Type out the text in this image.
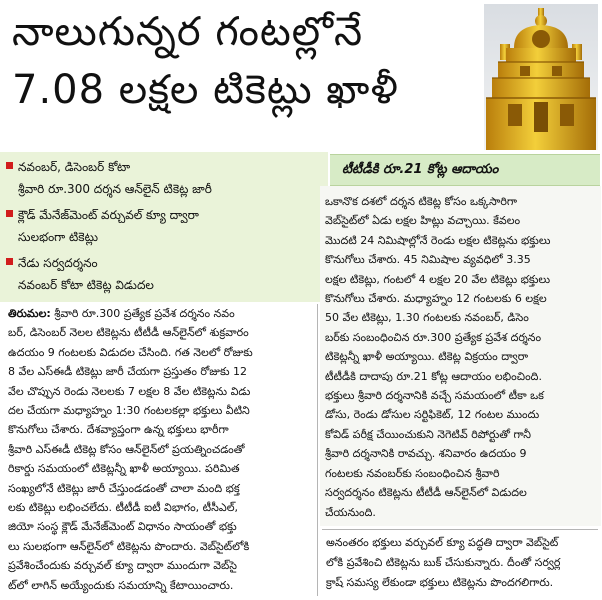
నాలుగున్నర గంటల్లోనే
7.08 లక్షల టికెట్లు ఖాళీ
నవంబర్, డిసెంబర్ కోటా
శ్రీవారి రూ.300 దర్శన ఆన్‌లైన్ టికెట్ల జారీ
క్లౌడ్ మేనేజ్‌మెంట్ వర్చువల్ క్యూ ద్వారా
సులభంగా టికెట్లు
నేడు సర్వదర్శనం
నవంబర్ కోటా టికెట్ల విడుదల
టీటీడీకి రూ.21 కోట్ల ఆదాయం
తిరుమల: శ్రీవారి రూ.300 ప్రత్యేక ప్రవేశ దర్శనం నవం
బర్, డిసెంబర్ నెలల టికెట్లను టీటీడీ ఆన్‌లైన్‌లో శుక్రవారం
ఉదయం 9 గంటలకు విడుదల చేసింది. గత నెలలో రోజుకు
8 వేల ఎస్ఈడీ టికెట్లు జారీ చేయగా ప్రస్తుతం రోజుకు 12
వేల చొప్పున రెండు నెలలకు 7 లక్షల 8 వేల టికెట్లను విడు
దల చేయగా మధ్యాహ్నం 1:30 గంటలకల్లా భక్తులు వీటిని
కొనుగోలు చేశారు. దేశవ్యాప్తంగా ఉన్న భక్తులు భారీగా
శ్రీవారి ఎస్ఈడీ టికెట్ల కోసం ఆన్‌లైన్‌లో ప్రయత్నించడంతో
రికార్డు సమయంలో టికెట్లన్నీ ఖాళీ అయ్యాయి. పరిమిత
సంఖ్యలోనే టికెట్లు జారీ చేస్తుండడంతో చాలా మంది భక్త
లకు టికెట్లు లభించలేదు. టీటీడీ ఐటీ విభాగం, టీసీఎల్,
జియో సంస్థ క్లౌడ్ మేనేజ్‌మెంట్ విధానం సాయంతో భక్తు
లు సులభంగా ఆన్‌లైన్‌లో టికెట్లను పొందారు. వెబ్‌సైట్‌లోకి
ప్రవేశించేందుకు వర్చువల్ క్యూ ద్వారా ముందుగా వెబ్‌సై
ట్‌లో లాగిన్ అయ్యేందుకు సమయాన్ని కేటాయించారు.
ఒకానొక దశలో దర్శన టికెట్ల కోసం ఒక్కసారిగా
వెబ్‌సైట్‌లో ఏడు లక్షల హిట్లు వచ్చాయి. కేవలం
మొదటి 24 నిమిషాల్లోనే రెండు లక్షల టికెట్లను భక్తులు
కొనుగోలు చేశారు. 45 నిమిషాల వ్యవధిలో 3.35
లక్షల టికెట్లు, గంటలో 4 లక్షల 20 వేల టికెట్లు భక్తులు
కొనుగోలు చేశారు. మధ్యాహ్నం 12 గంటలకు 6 లక్షల
50 వేల టికెట్లు, 1.30 గంటలకు నవంబర్, డిసెం
బర్‌కు సంబంధించిన రూ.300 ప్రత్యేక ప్రవేశ దర్శనం
టికెట్లన్నీ ఖాళీ అయ్యాయి. టికెట్ల విక్రయం ద్వారా
టీటీడీకి దాదాపు రూ.21 కోట్ల ఆదాయం లభించింది.
భక్తులు శ్రీవారి దర్శనానికి వచ్చే సమయంలో టీకా ఒక
డోసు, రెండు డోసుల సర్టిఫికెట్, 12 గంటల ముందు
కోవిడ్ పరీక్ష చేయించుకుని నెగెటివ్ రిపోర్టుతో గానీ
శ్రీవారి దర్శనానికి రావచ్చు. శనివారం ఉదయం 9
గంటలకు నవంబర్‌కు సంబంధించిన శ్రీవారి
సర్వదర్శనం టికెట్లను టీటీడీ ఆన్‌లైన్‌లో విడుదల
చేయనుంది.
అనంతరం భక్తులు వర్చువల్ క్యూ పద్ధతి ద్వారా వెబ్‌సైట్
లోకి ప్రవేశించి టికెట్లను బుక్ చేసుకున్నారు. దీంతో సర్వర్ల
క్రాష్ సమస్య లేకుండా భక్తులు టికెట్లను పొందగలిగారు.
